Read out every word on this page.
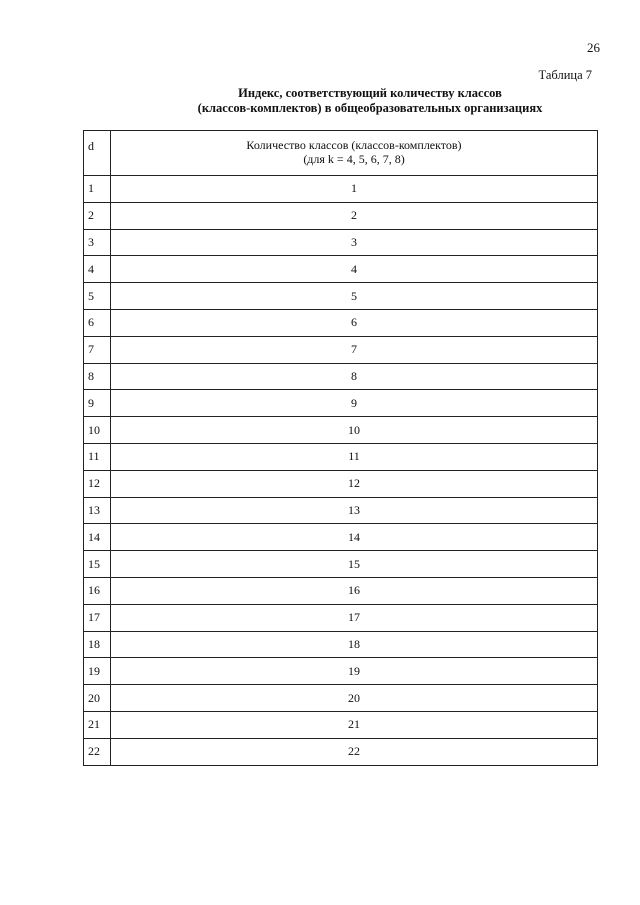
26
Таблица 7
Индекс, соответствующий количеству классов
(классов-комплектов) в общеобразовательных организациях
d	Количество классов (классов-комплектов)
(для k = 4, 5, 6, 7, 8)

1	1
2	2
3	3
4	4
5	5
6	6
7	7
8	8
9	9
10	10
11	11
12	12
13	13
14	14
15	15
16	16
17	17
18	18
19	19
20	20
21	21
22	22
